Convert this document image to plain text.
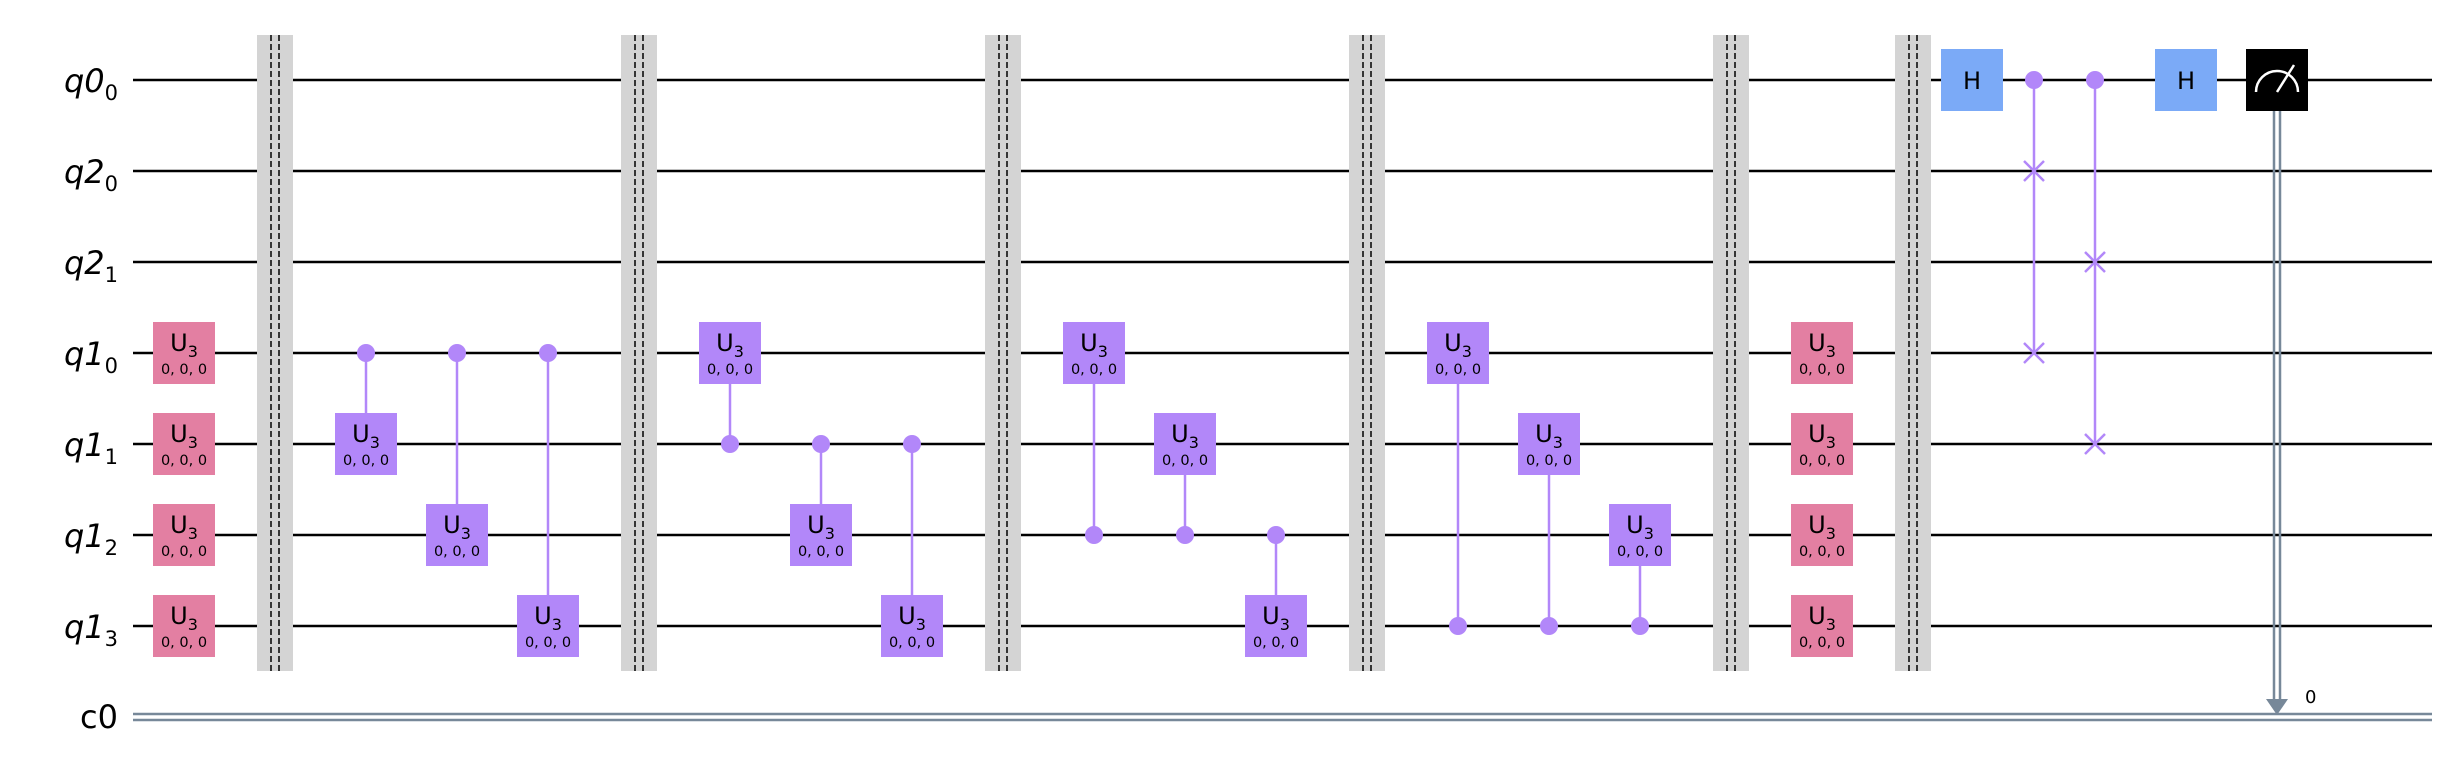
$U_3$
0, 0, 0
$U_3$
0, 0, 0
$U_3$
0, 0, 0
$U_3$
0, 0, 0
$U_3$
0, 0, 0
$U_3$
0, 0, 0
$U_3$
0, 0, 0
$U_3$
0, 0, 0
$U_3$
0, 0, 0
$U_3$
0, 0, 0
$U_3$
0, 0, 0
$U_3$
0, 0, 0
$U_3$
0, 0, 0
$U_3$
0, 0, 0
$U_3$
0, 0, 0
$U_3$
0, 0, 0
$U_3$
0, 0, 0
$U_3$
0, 0, 0
$U_3$
0, 0, 0
$U_3$
0, 0, 0
H	H
0
$q0_0$
$q2_0$
$q2_1$
$q1_0$
$q1_1$
$q1_2$
$q1_3$
c0
